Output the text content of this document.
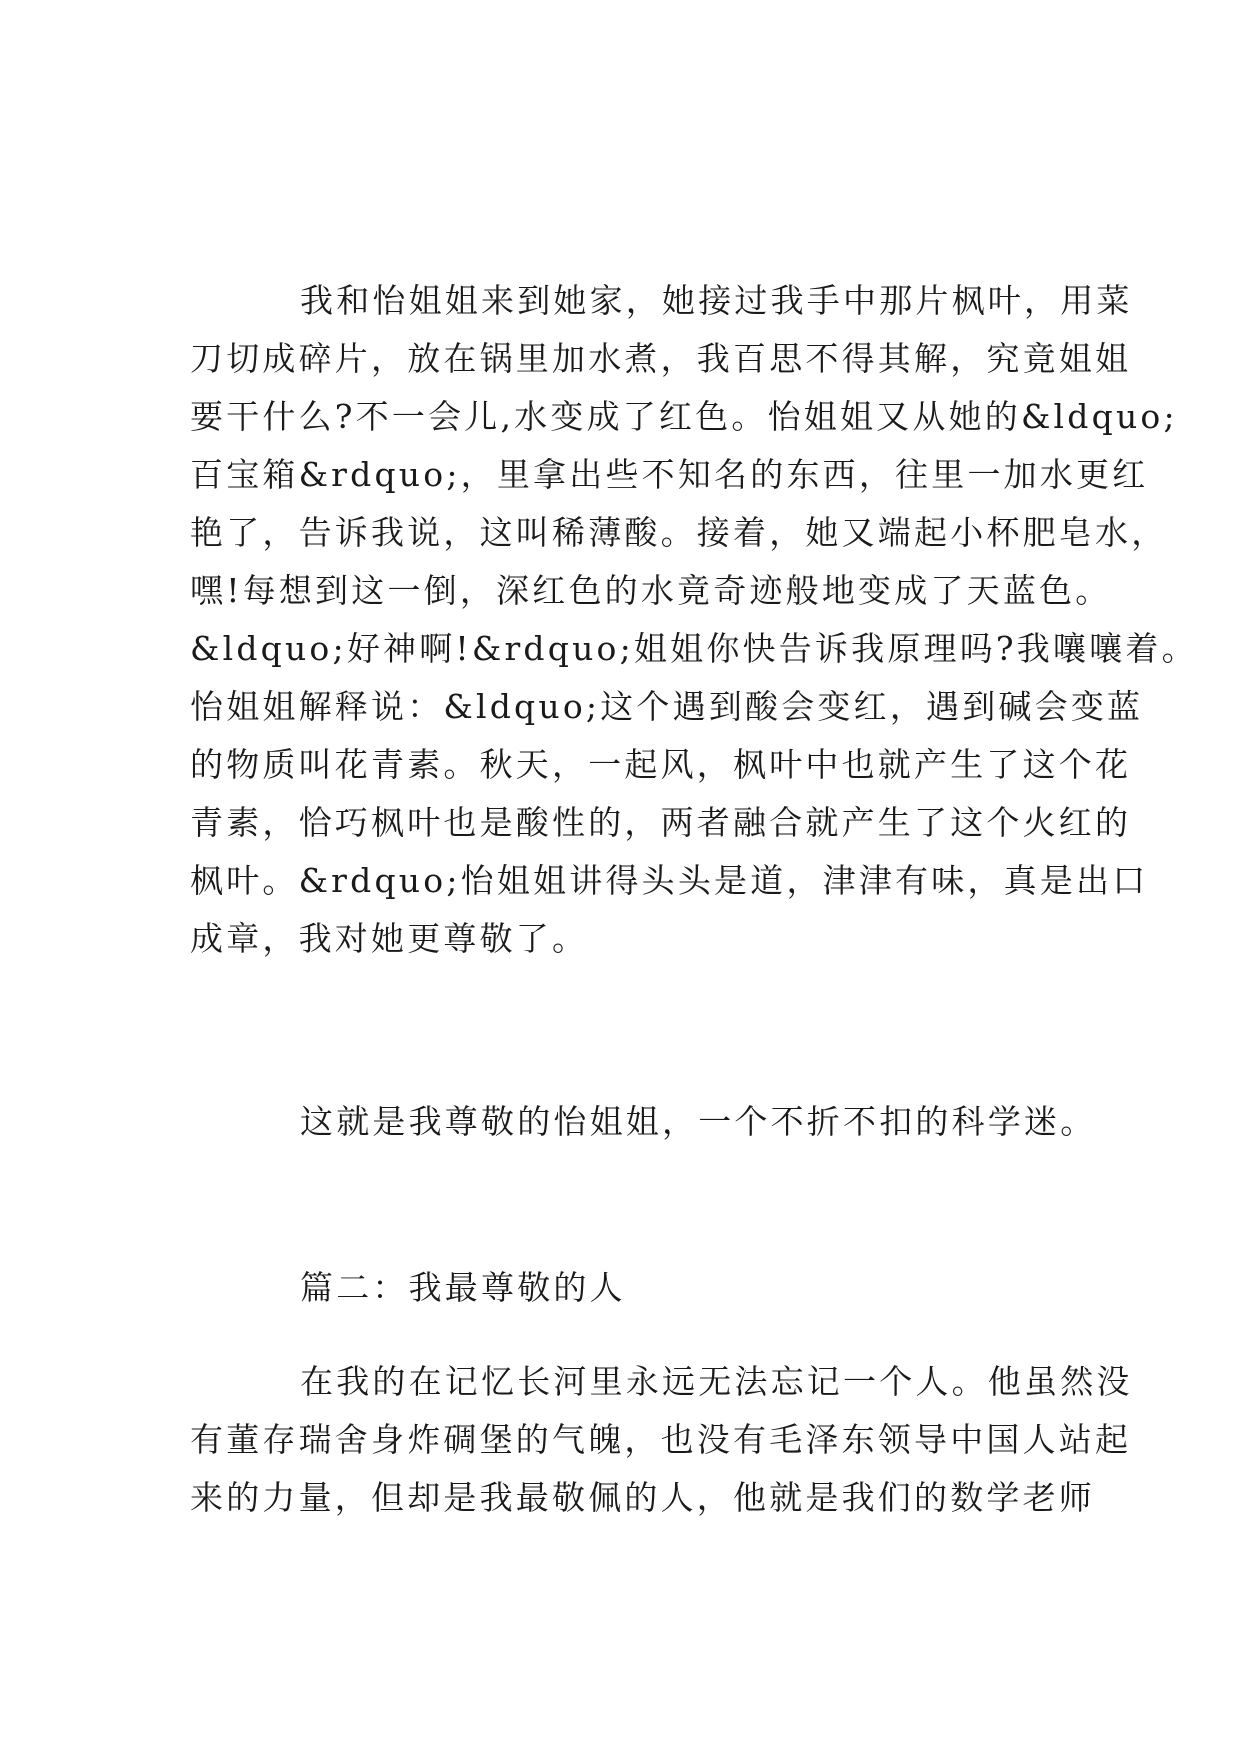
我和怡姐姐来到她家，她接过我手中那片枫叶，用菜
刀切成碎片，放在锅里加水煮，我百思不得其解，究竟姐姐
要干什么?不一会儿,水变成了红色。怡姐姐又从她的&ldquo;
百宝箱&rdquo;，里拿出些不知名的东西，往里一加水更红
艳了，告诉我说，这叫稀薄酸。接着，她又端起小杯肥皂水，
嘿!每想到这一倒，深红色的水竟奇迹般地变成了天蓝色。
&ldquo;好神啊!&rdquo;姐姐你快告诉我原理吗?我嚷嚷着。
怡姐姐解释说：&ldquo;这个遇到酸会变红，遇到碱会变蓝
的物质叫花青素。秋天，一起风，枫叶中也就产生了这个花
青素，恰巧枫叶也是酸性的，两者融合就产生了这个火红的
枫叶。&rdquo;怡姐姐讲得头头是道，津津有味，真是出口
成章，我对她更尊敬了。
这就是我尊敬的怡姐姐，一个不折不扣的科学迷。
篇二：我最尊敬的人
在我的在记忆长河里永远无法忘记一个人。他虽然没
有董存瑞舍身炸碉堡的气魄，也没有毛泽东领导中国人站起
来的力量，但却是我最敬佩的人，他就是我们的数学老师
